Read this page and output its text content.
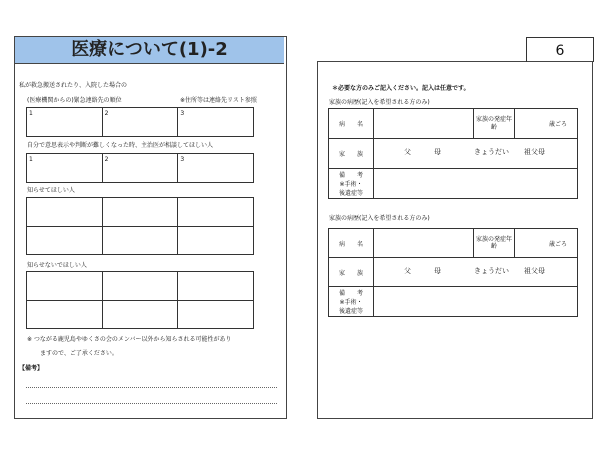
医療について(1)-2
私が救急搬送されたり、入院した場合の
(医療機関からの)緊急連絡先の順位	※住所等は連絡先リスト参照
1	2	3
自分で意思表示や判断が難しくなった時、主治医が相談してほしい人
1	2	3
知らせてほしい人

知らせないでほしい人

※ つながる鹿児島やゆくさの会のメンバー以外から知らされる可能性があり
ますので、ご了承ください。
【備考】
6
＊必要な方のみご記入ください。記入は任意です。
家族の病歴(記入を希望される方のみ)
病　　名		家族の発症年齢	歳ごろ

家　　族	父 母 きょうだい 祖父母		

備　　考
※手術・
後遺症等			

家族の病歴(記入を希望される方のみ)
病　　名		家族の発症年齢	歳ごろ

家　　族	父 母 きょうだい 祖父母		

備　　考
※手術・
後遺症等			
